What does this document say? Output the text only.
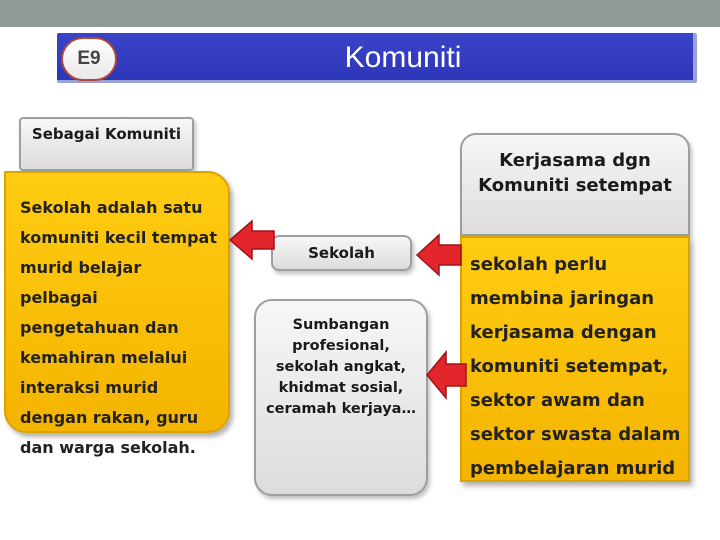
Komuniti
E9
Sebagai Komuniti
Sekolah adalah satu komuniti kecil tempat murid belajar pelbagai pengetahuan dan kemahiran melalui interaksi murid dengan rakan, guru dan warga sekolah.
Sekolah
Sumbangan profesional, sekolah angkat, khidmat sosial, ceramah kerjaya…
Kerjasama dgn Komuniti setempat
sekolah perlu membina jaringan kerjasama dengan komuniti setempat, sektor awam dan sektor swasta dalam pembelajaran murid
